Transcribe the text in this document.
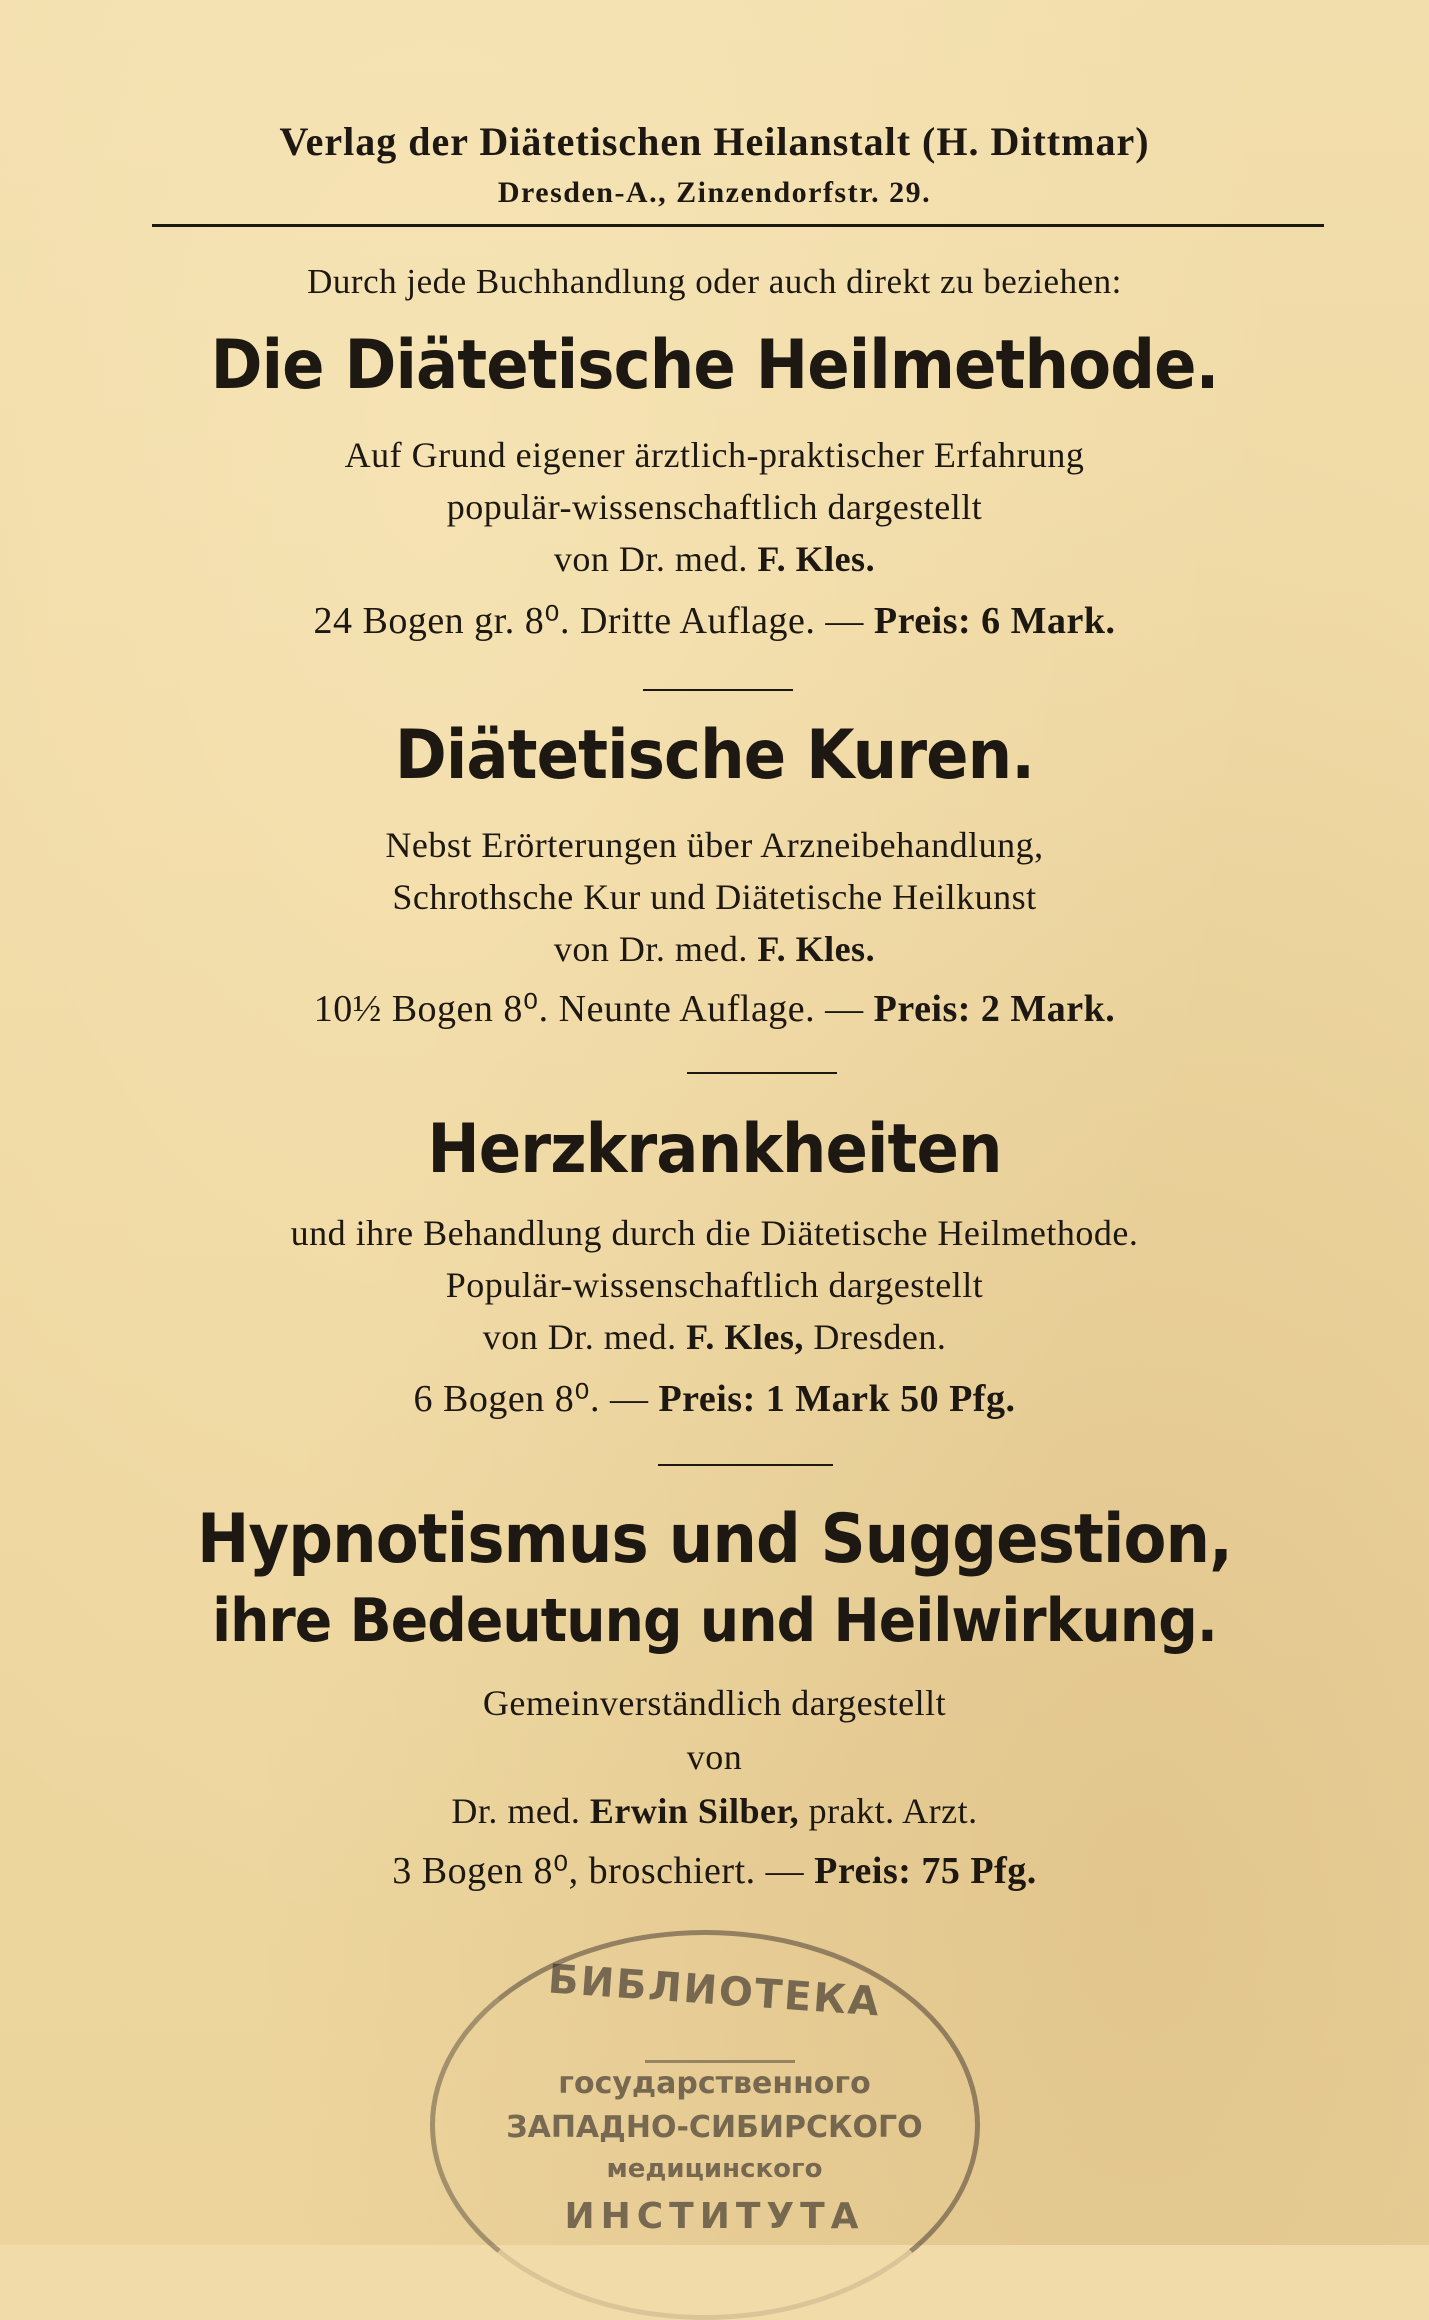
Verlag der Diätetischen Heilanstalt (H. Dittmar)
Dresden-A., Zinzendorfstr. 29.
Durch jede Buchhandlung oder auch direkt zu beziehen:
Die Diätetische Heilmethode.
Auf Grund eigener ärztlich-praktischer Erfahrung
populär-wissenschaftlich dargestellt
von Dr. med. F. Kles.
24 Bogen gr. 8⁰. Dritte Auflage. — Preis: 6 Mark.
Diätetische Kuren.
Nebst Erörterungen über Arzneibehandlung,
Schrothsche Kur und Diätetische Heilkunst
von Dr. med. F. Kles.
10½ Bogen 8⁰. Neunte Auflage. — Preis: 2 Mark.
Herzkrankheiten
und ihre Behandlung durch die Diätetische Heilmethode.
Populär-wissenschaftlich dargestellt
von Dr. med. F. Kles, Dresden.
6 Bogen 8⁰. — Preis: 1 Mark 50 Pfg.
Hypnotismus und Suggestion,
ihre Bedeutung und Heilwirkung.
Gemeinverständlich dargestellt
von
Dr. med. Erwin Silber, prakt. Arzt.
3 Bogen 8⁰, broschiert. — Preis: 75 Pfg.
БИБЛИОТЕКА
государственного
ЗАПАДНО-СИБИРСКОГО
медицинского
ИНСТИТУТА
